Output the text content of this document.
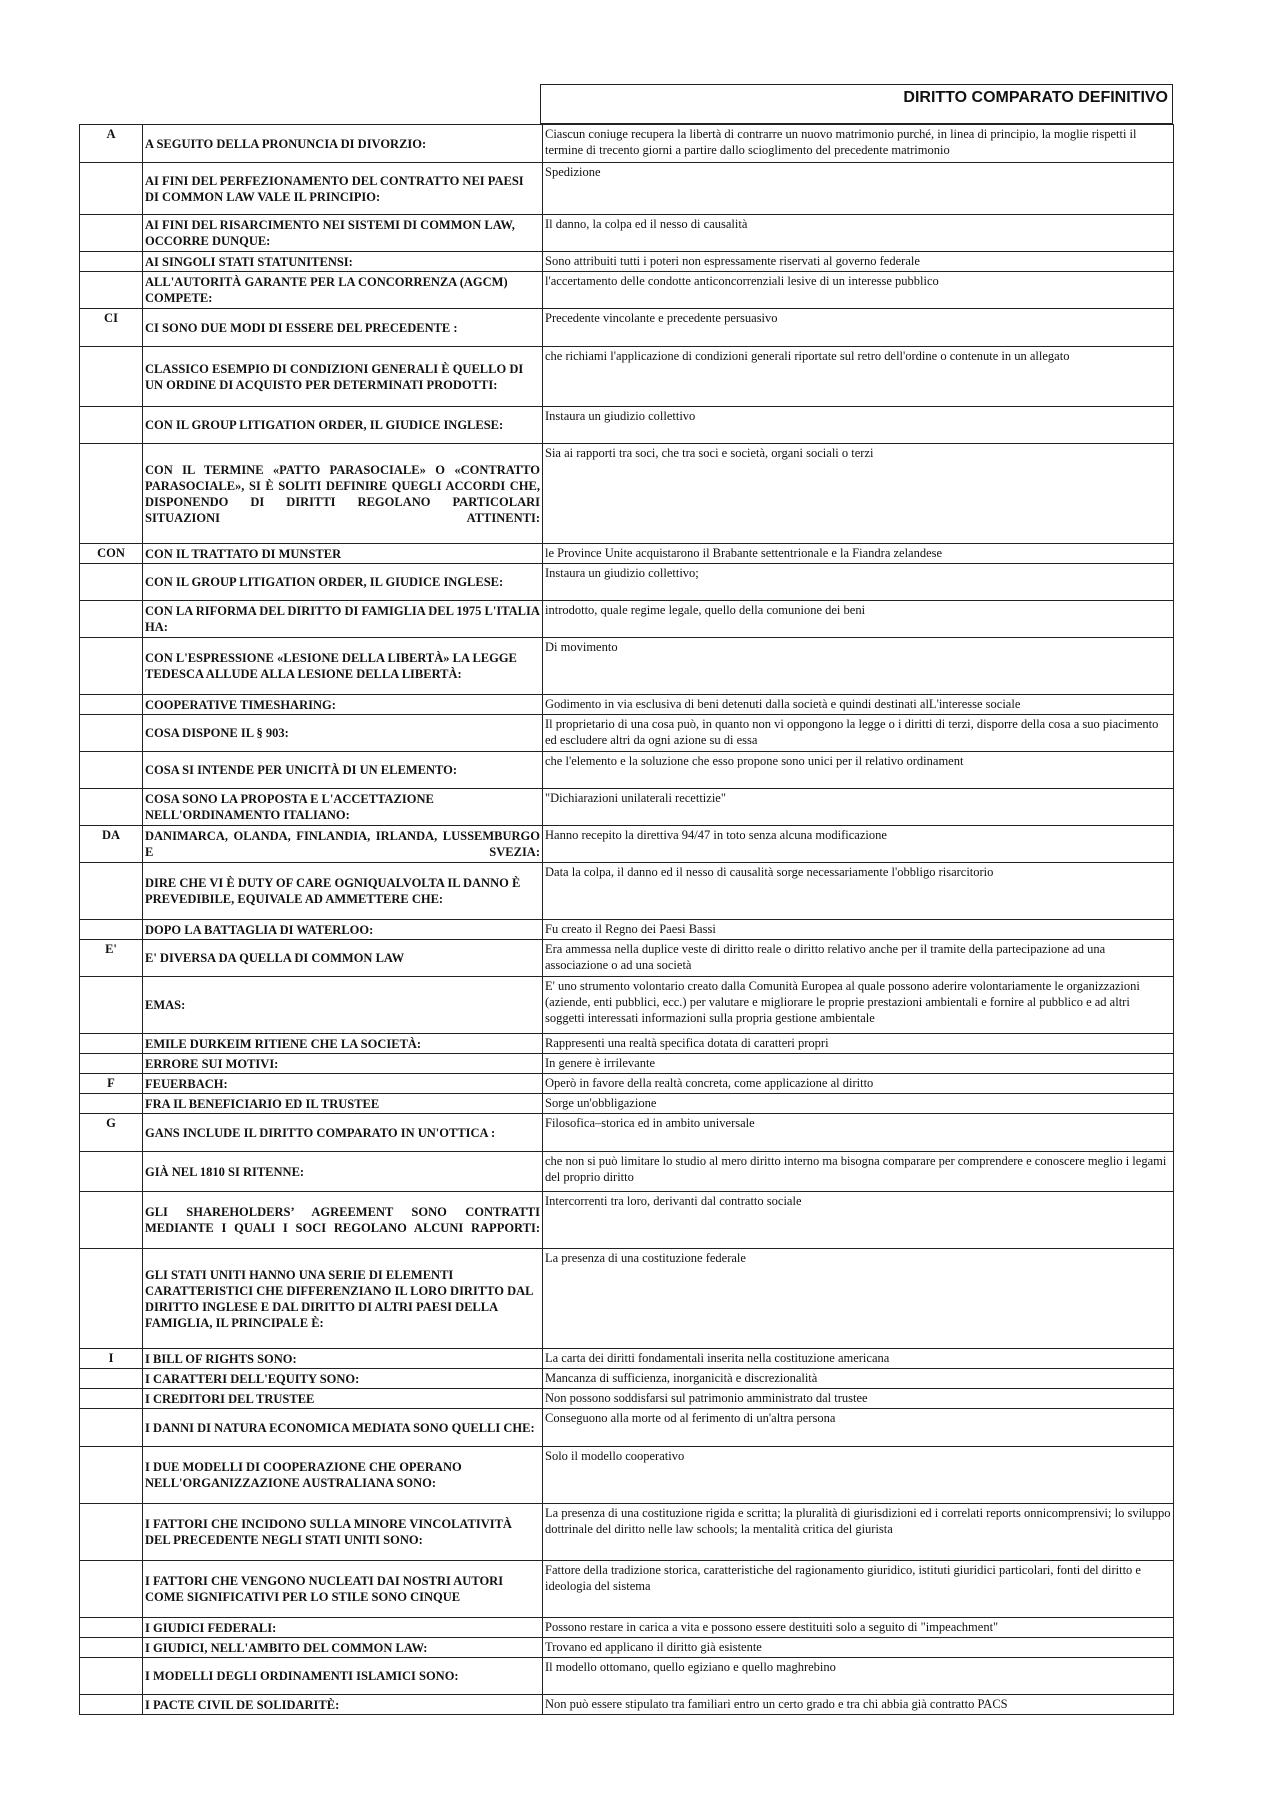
DIRITTO COMPARATO DEFINITIVO
A	A SEGUITO DELLA PRONUNCIA DI DIVORZIO:	Ciascun coniuge recupera la libertà di contrarre un nuovo matrimonio purché, in linea di principio, la moglie rispetti il termine di trecento giorni a partire dallo scioglimento del precedente matrimonio
	AI FINI DEL PERFEZIONAMENTO DEL CONTRATTO NEI PAESI DI COMMON LAW VALE IL PRINCIPIO:	Spedizione
	AI FINI DEL RISARCIMENTO NEI SISTEMI DI COMMON LAW, OCCORRE DUNQUE:	Il danno, la colpa ed il nesso di causalità
	AI SINGOLI STATI STATUNITENSI:	Sono attribuiti tutti i poteri non espressamente riservati al governo federale
	ALL'AUTORITÀ GARANTE PER LA CONCORRENZA (AGCM) COMPETE:	l'accertamento delle condotte anticoncorrenziali lesive di un interesse pubblico
CI	CI SONO DUE MODI DI ESSERE DEL PRECEDENTE :	Precedente vincolante e precedente persuasivo
	CLASSICO ESEMPIO DI CONDIZIONI GENERALI È QUELLO DI UN ORDINE DI ACQUISTO PER DETERMINATI PRODOTTI:	che richiami l'applicazione di condizioni generali riportate sul retro dell'ordine o contenute in un allegato
	CON IL GROUP LITIGATION ORDER, IL GIUDICE INGLESE:	Instaura un giudizio collettivo
	CON IL TERMINE «PATTO PARASOCIALE» O «CONTRATTO PARASOCIALE», SI È SOLITI DEFINIRE QUEGLI ACCORDI CHE, DISPONENDO DI DIRITTI REGOLANO PARTICOLARI SITUAZIONI ATTINENTI:	Sia ai rapporti tra soci, che tra soci e società, organi sociali o terzi
CON	CON IL TRATTATO DI MUNSTER	le Province Unite acquistarono il Brabante settentrionale e la Fiandra zelandese
	CON IL GROUP LITIGATION ORDER, IL GIUDICE INGLESE:	Instaura un giudizio collettivo;
	CON LA RIFORMA DEL DIRITTO DI FAMIGLIA DEL 1975 L'ITALIA HA:	introdotto, quale regime legale, quello della comunione dei beni
	CON L'ESPRESSIONE «LESIONE DELLA LIBERTÀ» LA LEGGE TEDESCA ALLUDE ALLA LESIONE DELLA LIBERTÀ:	Di movimento
	COOPERATIVE TIMESHARING:	Godimento in via esclusiva di beni detenuti dalla società e quindi destinati alL'interesse sociale
	COSA DISPONE IL § 903:	Il proprietario di una cosa può, in quanto non vi oppongono la legge o i diritti di terzi, disporre della cosa a suo piacimento ed escludere altri da ogni azione su di essa
	COSA SI INTENDE PER UNICITÀ DI UN ELEMENTO:	che l'elemento e la soluzione che esso propone sono unici per il relativo ordinament
	COSA SONO LA PROPOSTA E L'ACCETTAZIONE NELL'ORDINAMENTO ITALIANO:	"Dichiarazioni unilaterali recettizie"
DA	DANIMARCA, OLANDA, FINLANDIA, IRLANDA, LUSSEMBURGO E SVEZIA:	Hanno recepito la direttiva 94/47 in toto senza alcuna modificazione
	DIRE CHE VI È DUTY OF CARE OGNIQUALVOLTA IL DANNO È PREVEDIBILE, EQUIVALE AD AMMETTERE CHE:	Data la colpa, il danno ed il nesso di causalità sorge necessariamente l'obbligo risarcitorio
	DOPO LA BATTAGLIA DI WATERLOO:	Fu creato il Regno dei Paesi Bassi
E'	E' DIVERSA DA QUELLA DI COMMON LAW	Era ammessa nella duplice veste di diritto reale o diritto relativo anche per il tramite della partecipazione ad una associazione o ad una società
	EMAS:	E' uno strumento volontario creato dalla Comunità Europea al quale possono aderire volontariamente le organizzazioni (aziende, enti pubblici, ecc.) per valutare e migliorare le proprie prestazioni ambientali e fornire al pubblico e ad altri soggetti interessati informazioni sulla propria gestione ambientale
	EMILE DURKEIM RITIENE CHE LA SOCIETÀ:	Rappresenti una realtà specifica dotata di caratteri propri
	ERRORE SUI MOTIVI:	In genere è irrilevante
F	FEUERBACH:	Operò in favore della realtà concreta, come applicazione al diritto
	FRA IL BENEFICIARIO ED IL TRUSTEE	Sorge un'obbligazione
G	GANS INCLUDE IL DIRITTO COMPARATO IN UN'OTTICA :	Filosofica–storica ed in ambito universale
	GIÀ NEL 1810 SI RITENNE:	che non si può limitare lo studio al mero diritto interno ma bisogna comparare per comprendere e conoscere meglio i legami del proprio diritto
	GLI SHAREHOLDERS’ AGREEMENT SONO CONTRATTI MEDIANTE I QUALI I SOCI REGOLANO ALCUNI RAPPORTI:	Intercorrenti tra loro, derivanti dal contratto sociale
	GLI STATI UNITI HANNO UNA SERIE DI ELEMENTI CARATTERISTICI CHE DIFFERENZIANO IL LORO DIRITTO DAL DIRITTO INGLESE E DAL DIRITTO DI ALTRI PAESI DELLA FAMIGLIA, IL PRINCIPALE È:	La presenza di una costituzione federale
I	I BILL OF RIGHTS SONO:	La carta dei diritti fondamentali inserita nella costituzione americana
	I CARATTERI DELL'EQUITY SONO:	Mancanza di sufficienza, inorganicità e discrezionalità
	I CREDITORI DEL TRUSTEE	Non possono soddisfarsi sul patrimonio amministrato dal trustee
	I DANNI DI NATURA ECONOMICA MEDIATA SONO QUELLI CHE:	Conseguono alla morte od al ferimento di un'altra persona
	I DUE MODELLI DI COOPERAZIONE CHE OPERANO NELL'ORGANIZZAZIONE AUSTRALIANA SONO:	Solo il modello cooperativo
	I FATTORI CHE INCIDONO SULLA MINORE VINCOLATIVITÀ DEL PRECEDENTE NEGLI STATI UNITI SONO:	La presenza di una costituzione rigida e scritta; la pluralità di giurisdizioni ed i correlati reports onnicomprensivi; lo sviluppo dottrinale del diritto nelle law schools; la mentalità critica del giurista
	I FATTORI CHE VENGONO NUCLEATI DAI NOSTRI AUTORI COME SIGNIFICATIVI PER LO STILE SONO CINQUE	Fattore della tradizione storica, caratteristiche del ragionamento giuridico, istituti giuridici particolari, fonti del diritto e ideologia del sistema
	I GIUDICI FEDERALI:	Possono restare in carica a vita e possono essere destituiti solo a seguito di "impeachment"
	I GIUDICI, NELL'AMBITO DEL COMMON LAW:	Trovano ed applicano il diritto già esistente
	I MODELLI DEGLI ORDINAMENTI ISLAMICI SONO:	Il modello ottomano, quello egiziano e quello maghrebino
	I PACTE CIVIL DE SOLIDARITÈ:	Non può essere stipulato tra familiari entro un certo grado e tra chi abbia già contratto PACS
